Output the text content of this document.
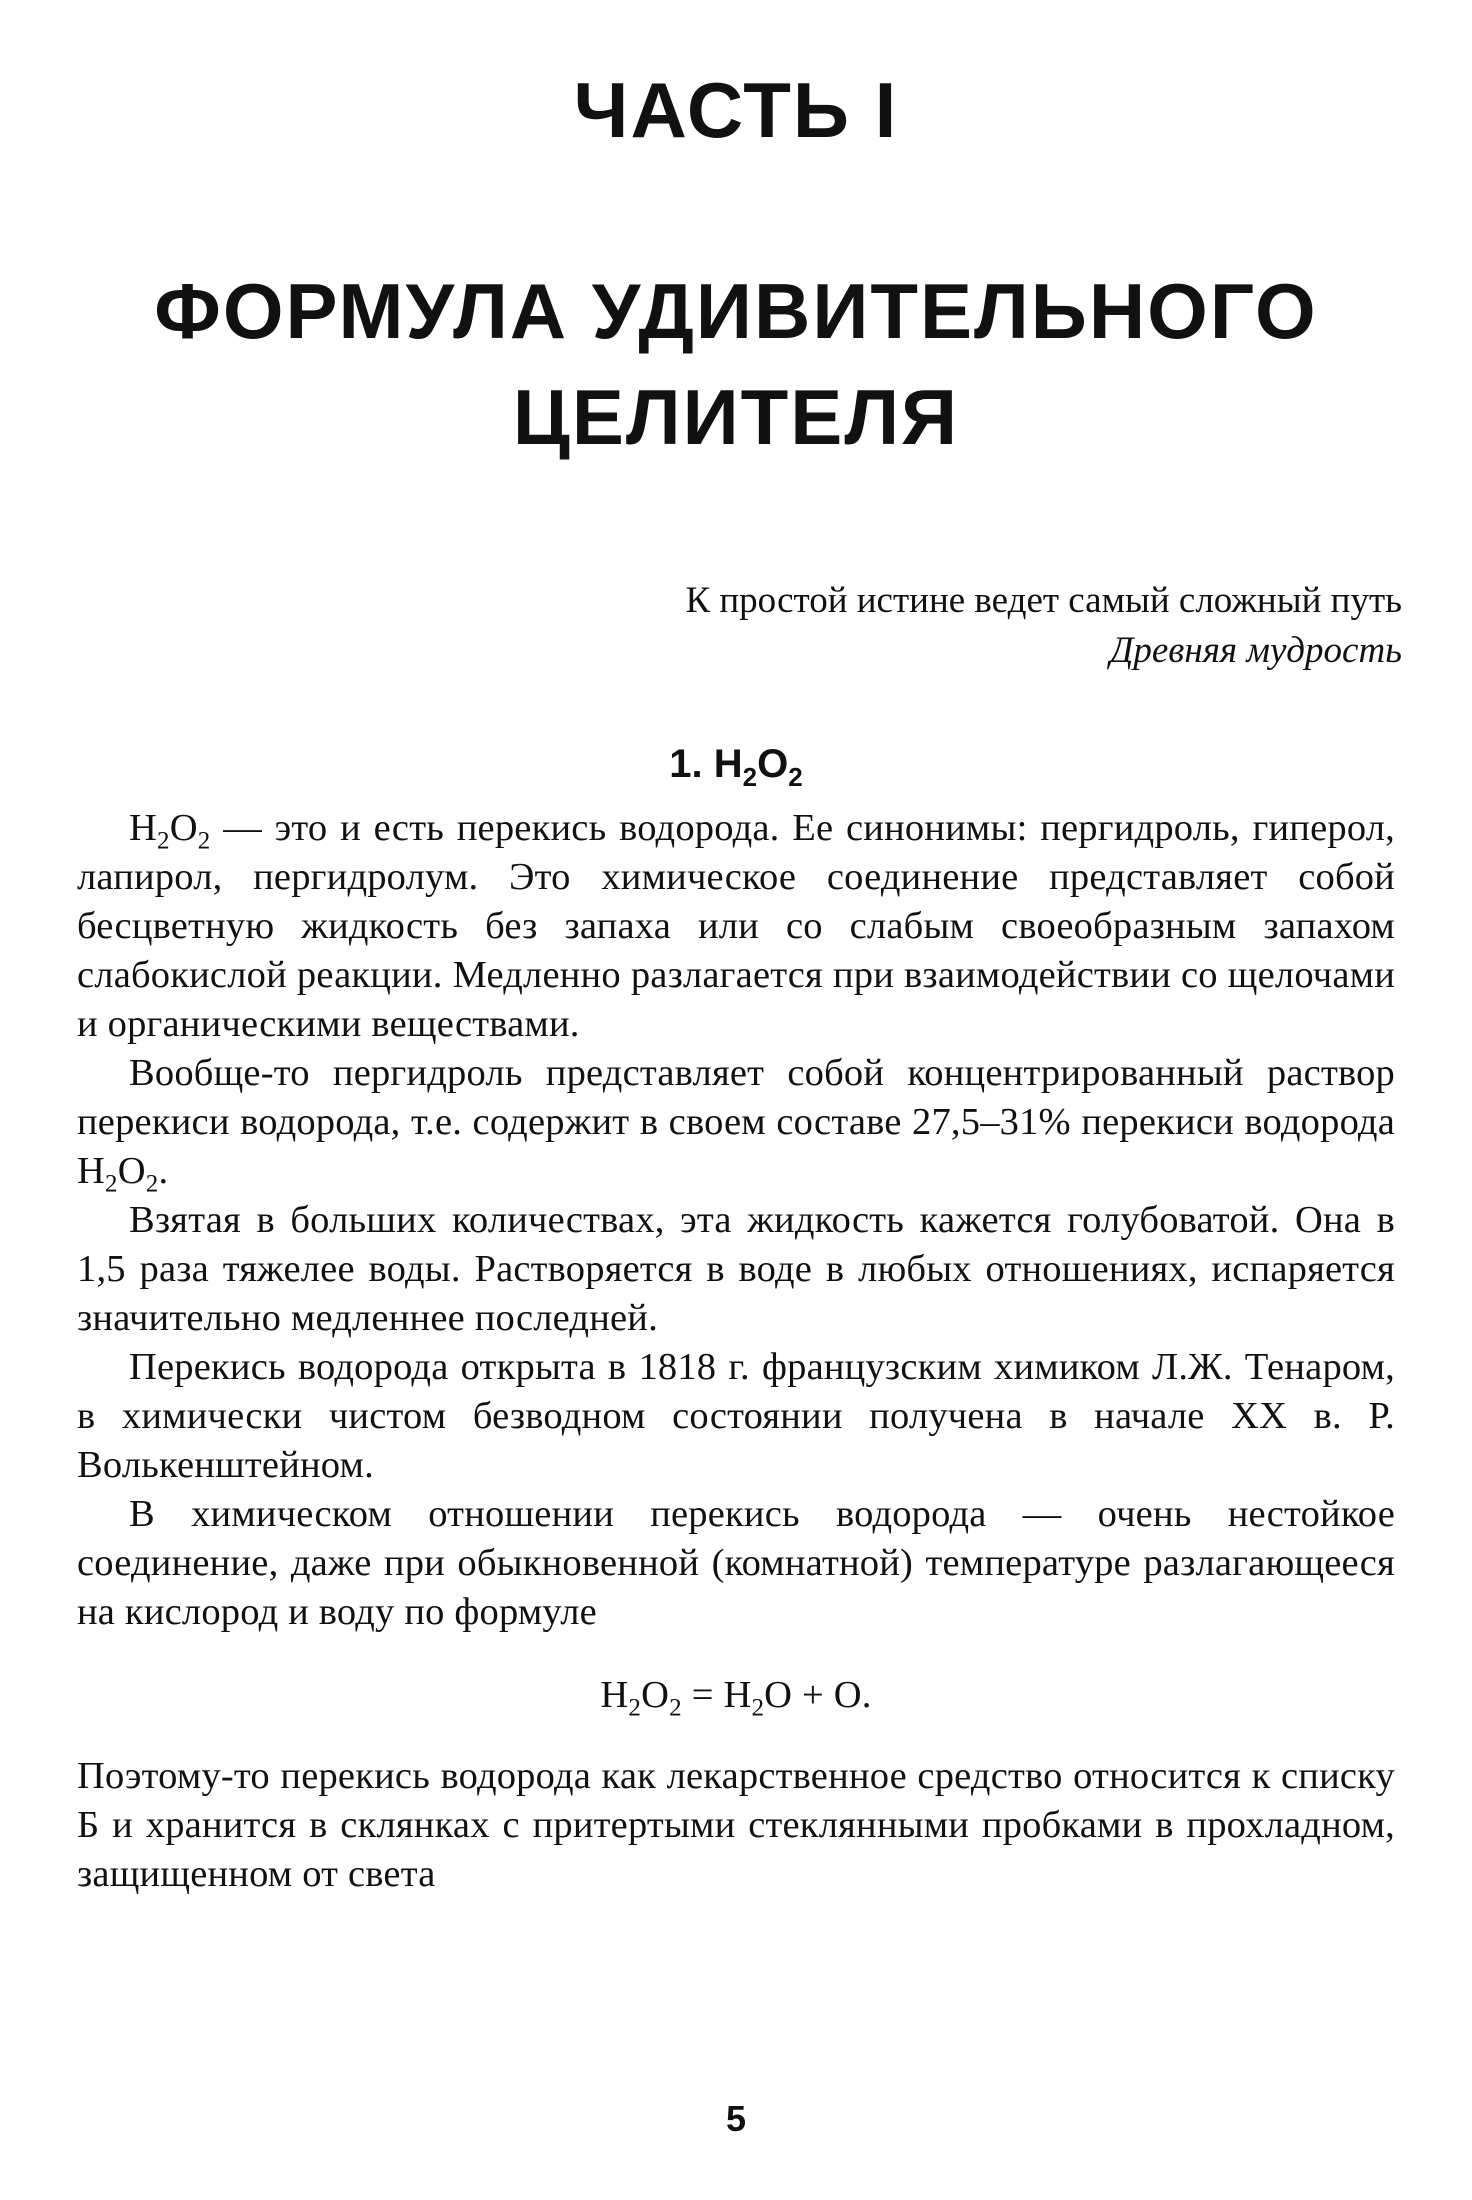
ЧАСТЬ I
ФОРМУЛА УДИВИТЕЛЬНОГО
ЦЕЛИТЕЛЯ
К простой истине ведет самый сложный путь
Древняя мудрость
1. $H_2O_2$

$H_2O_2$ — это и есть перекись водорода. Ее синонимы: пергидроль, гиперол, лапирол, пергидролум. Это химическое соединение представляет собой бесцветную жидкость без запаха или со слабым своеобразным запахом слабокислой реакции. Медленно разлагается при взаимодействии со щелочами и органическими веществами.

Вообще-то пергидроль представляет собой концентрированный раствор перекиси водорода, т.е. содержит в своем составе 27,5–31% перекиси водорода $H_2O_2$.

Взятая в больших количествах, эта жидкость кажется голубоватой. Она в 1,5 раза тяжелее воды. Растворяется в воде в любых отношениях, испаряется значительно медленнее последней.

Перекись водорода открыта в 1818 г. французским химиком Л.Ж. Тенаром, в химически чистом безводном состоянии получена в начале XX в. Р. Волькенштейном.

В химическом отношении перекись водорода — очень нестойкое соединение, даже при обыкновенной (комнатной) температуре разлагающееся на кислород и воду по формуле

$H_2O_2 = H_2O + O$.

Поэтому-то перекись водорода как лекарственное средство относится к списку Б и хранится в склянках с притертыми стеклянными пробками в прохладном, защищенном от света

5
